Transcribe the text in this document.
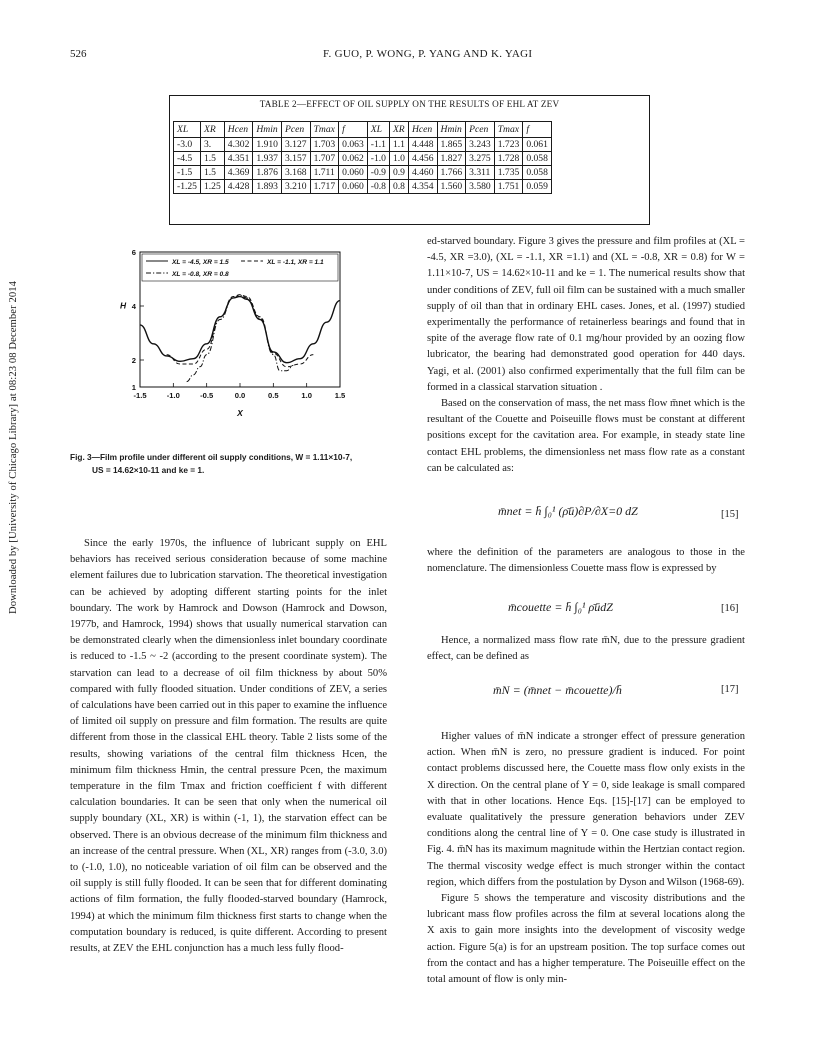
Downloaded by [University of Chicago Library] at 08:23 08 December 2014
526	F. GUO, P. WONG, P. YANG AND K. YAGI
TABLE 2—EFFECT OF OIL SUPPLY ON THE RESULTS OF EHL AT ZEV
XL	XR	Hcen	Hmin	Pcen	Tmax	f	XL	XR	Hcen	Hmin	Pcen	Tmax	f
-3.0	3.	4.302	1.910	3.127	1.703	0.063	-1.1	1.1	4.448	1.865	3.243	1.723	0.061
-4.5	1.5	4.351	1.937	3.157	1.707	0.062	-1.0	1.0	4.456	1.827	3.275	1.728	0.058
-1.5	1.5	4.369	1.876	3.168	1.711	0.060	-0.9	0.9	4.460	1.766	3.311	1.735	0.058
-1.25	1.25	4.428	1.893	3.210	1.717	0.060	-0.8	0.8	4.354	1.560	3.580	1.751	0.059
-1.5	-1.0	-0.5	0.0	0.5	1.0	1.5
1
2
4
6
X
H
XL = -4.5, XR = 1.5	XL = -1.1, XR = 1.1
XL = -0.8, XR = 0.8
Fig. 3—Film profile under different oil supply conditions, W = 1.11×10-7,
US = 14.62×10-11 and ke = 1.

Since the early 1970s, the influence of lubricant supply on EHL behaviors has received serious consideration because of some machine element failures due to lubrication starvation. The theoretical investigation can be achieved by adopting different starting points for the inlet boundary. The work by Hamrock and Dowson (Hamrock and Dowson, 1977b, and Hamrock, 1994) shows that usually numerical starvation can be demonstrated clearly when the dimensionless inlet boundary coordinate is reduced to -1.5 ~ -2 (according to the present coordinate system). The starvation can lead to a decrease of oil film thickness by about 50% compared with fully flooded situation. Under conditions of ZEV, a series of calculations have been carried out in this paper to examine the influence of limited oil supply on pressure and film formation. The results are quite different from those in the classical EHL theory. Table 2 lists some of the results, showing variations of the central film thickness Hcen, the minimum film thickness Hmin, the central pressure Pcen, the maximum temperature in the film Tmax and friction coefficient f with different calculation boundaries. It can be seen that only when the numerical oil supply boundary (XL, XR) is within (-1, 1), the starvation effect can be observed. There is an obvious decrease of the minimum film thickness and an increase of the central pressure. When (XL, XR) ranges from (-3.0, 3.0) to (-1.0, 1.0), no noticeable variation of oil film can be observed and the oil supply is still fully flooded. It can be seen that for different dominating actions of film formation, the fully flooded-starved boundary (Hamrock, 1994) at which the minimum film thickness first starts to change when the computation boundary is reduced, is quite different. According to present results, at ZEV the EHL conjunction has a much less fully flood-

ed-starved boundary. Figure 3 gives the pressure and film profiles at (XL = -4.5, XR =3.0), (XL = -1.1, XR =1.1) and (XL = -0.8, XR = 0.8) for W = 1.11×10-7, US = 14.62×10-11 and ke = 1. The numerical results show that under conditions of ZEV, full oil film can be sustained with a much smaller supply of oil than that in ordinary EHL cases. Jones, et al. (1997) studied experimentally the performance of retainerless bearings and found that in spite of the average flow rate of 0.1 mg/hour provided by an oozing flow lubricator, the bearing had demonstrated good operation for 440 days. Yagi, et al. (2001) also confirmed experimentally that the full film can be formed in a classical starvation situation .

Based on the conservation of mass, the net mass flow m̄net which is the resultant of the Couette and Poiseuille flows must be constant at different positions except for the cavitation area. For example, in steady state line contact EHL problems, the dimensionless net mass flow rate as a constant can be calculated as:

m̄net = h̄ ∫₀¹ (ρ̄ū)∂P/∂X=0 dZ	[15]

where the definition of the parameters are analogous to those in the nomenclature. The dimensionless Couette mass flow is expressed by

m̄couette = h̄ ∫₀¹ ρ̄ūdZ	[16]

Hence, a normalized mass flow rate m̄N, due to the pressure gradient effect, can be defined as

m̄N = (m̄net − m̄couette)/h̄	[17]

Higher values of m̄N indicate a stronger effect of pressure generation action. When m̄N is zero, no pressure gradient is induced. For point contact problems discussed here, the Couette mass flow only exists in the X direction. On the central plane of Y = 0, side leakage is small compared with that in other locations. Hence Eqs. [15]-[17] can be employed to evaluate qualitatively the pressure generation behaviors under ZEV conditions along the central line of Y = 0. One case study is illustrated in Fig. 4. m̄N has its maximum magnitude within the Hertzian contact region. The thermal viscosity wedge effect is much stronger within the contact region, which differs from the postulation by Dyson and Wilson (1968-69).

Figure 5 shows the temperature and viscosity distributions and the lubricant mass flow profiles across the film at several locations along the X axis to gain more insights into the development of viscosity wedge action. Figure 5(a) is for an upstream position. The top surface comes out from the contact and has a higher temperature. The Poiseuille effect on the total amount of flow is only min-
